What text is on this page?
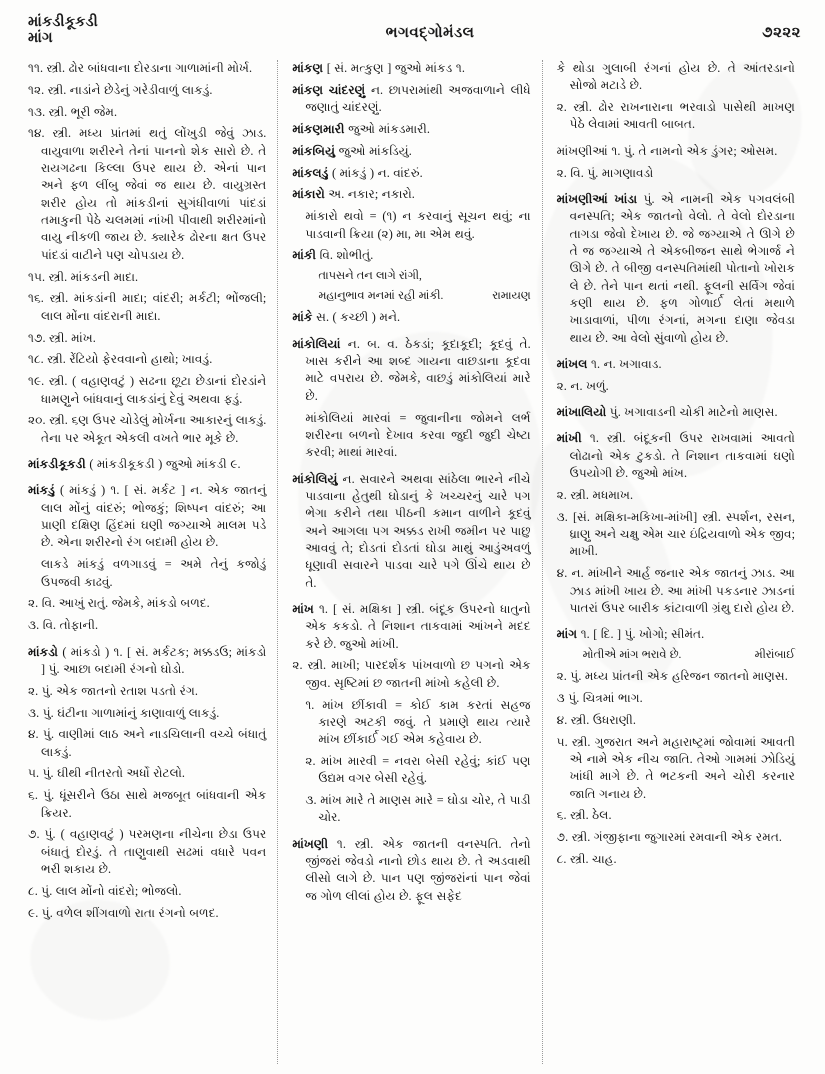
માંકડીકૂકડી
માંગ	ભગવદ્ગોમંડલ	૭૨૨૨

૧૧. સ્ત્રી. ઢોર બાંધવાના દોરડાના ગાળામાંની મોર્ખ.

૧૨. સ્ત્રી. નાડાંને છેડેનું ગરેડીવાળું લાકડું.

૧૩. સ્ત્રી. ભૂરી જેમ.

૧૪. સ્ત્રી. મધ્ય પ્રાંતમાં થતું લોંખુડી જેવું ઝાડ. વાયુવાળા શરીરને તેનાં પાનનો શેક સારો છે. તે રાયગઢના કિલ્લા ઉપર થાય છે. એનાં પાન અને ફળ લીંબુ જેવાં જ થાય છે. વાયુગ્રસ્ત શરીર હોય તો માંકડીનાં સુગંધીવાળાં પાંદડાં તમાકુની પેઠે ચલમમાં નાંખી પીવાથી શરીરમાંનો વાયુ નીકળી જાય છે. ક્યારેક ઢોરના ક્ષત ઉપર પાંદડાં વાટીને પણ ચોપડાય છે.

૧૫. સ્ત્રી. માંકડની માદા.

૧૬. સ્ત્રી. માંકડાંની માદા; વાંદરી; મર્કટી; ભોંજલી; લાલ મોંના વાંદરાની માદા.

૧૭. સ્ત્રી. માંખ.

૧૮. સ્ત્રી. રેંટિયો ફેરવવાનો હાથો; ખાવડું.

૧૯. સ્ત્રી. ( વહાણવટું ) સઢના છૂટા છેડાનાં દોરડાંને ધામણુને બાંધવાનું લાકડાંનું દેવું અથવા ફડું.

૨૦. સ્ત્રી. ૬ણ ઉપર ચોડેલું મોર્ખના આકારનું લાકડું. તેના પર એકૂત એકલી વખતે ભાર મૂકે છે.

માંકડીકૂકડી ( માંકડીકૂકડી ) જુઓ માંકડી ૯.

માંકડું ( માંકડું ) ૧. [ સં. મર્કટ ] ન. એક જાતનું લાલ મોંનું વાંદરું; ભોજકું; શિષ્પન વાંદરું; આ પ્રાણી દક્ષિણ હિંદમાં ઘણી જગ્યાએ માલમ પડે છે. એના શરીરનો રંગ બદામી હોય છે.

લાકડે માંકડું વળગાડવું = અમે તેનું કજોડું ઉપજવી કાઢવું.

૨. વિ. આખું રાતું. જેમકે, માંકડો બળદ.

૩. વિ. તોફાની.

માંકડો ( માંકડો ) ૧. [ સં. મર્કટક; મક્કડઉ; માંકડો ] પું. આછા બદામી રંગનો ઘોડો.

૨. પું. એક જાતનો રતાશ પડતો રંગ.

૩. પું. ઘંટીના ગાળામાંનું કાણાવાળું લાકડું.

૪. પું. વાણીમાં લાઠ અને નાડચિલાની વચ્ચે બંધાતું લાકડું.

૫. પું. ઘીથી નીતરતો અર્ધો રોટલો.

૬. પું. ધૂંસરીને ઉઠા સાથે મજબૂત બાંધવાની એક ક્રિયર.

૭. પું. ( વહાણવટું ) પરમણના નીચેના છેડા ઉપર બંધાતું દોરડું. તે તાણુવાથી સઢમાં વધારે પવન ભરી શકાય છે.

૮. પું. લાલ મોંનો વાંદરો; ભોજલો.

૯. પું. વળેલ શીંગવાળો રાતા રંગનો બળદ.

માંકણ [ સં. મત્કુણ ] જુઓ માંકડ ૧.

માંકણ ચાંદરણું ન. છાપરામાંથી અજવાળાને લીધે જણાતું ચાંદરણું.

માંકણમારી જુઓ માંકડમારી.

માંકબિયું જુઓ માંકડિયું.

માંકલડું ( માંકડું ) ન. વાંદરું.

માંકારો અ. નકાર; નકારો.

માંકારો થવો = (૧) ન કરવાનું સૂચન થવું; ના પાડવાની ક્રિયા (૨) મા, મા એમ થવું.

માંકી વિ. શોભીતું.

તાપસને તન લાગે રાંગી,

રામાયણ
મહાનુભાવ મનમાં રહી માંકી.

માંકે સ. ( કચ્છી ) મને.

માંકોલિયાં ન. બ. વ. ઠેકડાં; કૂદાકૂદી; કૂદવું તે. ખાસ કરીને આ શબ્દ ગાયના વાછડાના કૂદવા માટે વપરાય છે. જેમકે, વાછડું માંકોલિયાં મારે છે.

માંકોલિયાં મારવાં = જુવાનીના જોમને લર્ભ શરીરના બળનો દેખાવ કરવા જુદી જુદી ચેષ્ટા કરવી; માથાં મારવાં.

માંકોલિયું ન. સવારને અથવા સાંઠેલા ભારને નીચે પાડવાના હેતુથી ઘોડાનું કે ખચ્ચરનું ચારે પગ ભેગા કરીને તથા પીઠની કમાન વાળીને કૂદવું અને આગલા પગ અક્કડ રાખી જમીન પર પાછુ આવવું તે; દોડતાં દોડતાં ઘોડા માથું આડુંઅવળું ધૂણાવી સવારને પાડવા ચારે પગે ઊંચે થાય છે તે.

માંખ ૧. [ સં. મક્ષિકા ] સ્ત્રી. બંદૂક ઉપરનો ધાતુનો એક કકડો. તે નિશાન તાકવામાં આંખને મદદ કરે છે. જુઓ માંખી.

૨. સ્ત્રી. માખી; પારદર્શક પાંખવાળો છ પગનો એક જીવ. સૃષ્ટિમાં છ જાતની માંખો કહેલી છે.

૧. માંખ છીંકાવી = કોઈ કામ કરતાં સહજ કારણે અટકી જવું. તે પ્રમાણે થાય ત્યારે માંખ છીંકાર્ઈ ગઈ એમ કહેવાય છે.

૨. માંખ મારવી = નવરા બેસી રહેવું; કાંઈ પણ ઉદ્યમ વગર બેસી રહેવું.

૩. માંખ મારે તે માણસ મારે = ઘોડા ચોર, તે પાડી ચોર.

માંખણી ૧. સ્ત્રી. એક જાતની વનસ્પતિ. તેનો જીંજરાં જેવડો નાનો છોડ થાય છે. તે અડવાથી લીસો લાગે છે. પાન પણ જીંજરાંનાં પાન જેવાં જ ગોળ લીલાં હોય છે. ફૂલ સફેદ

કે થોડા ગુલાબી રંગનાં હોય છે. તે આંતરડાનો સોજો મટાડે છે.

૨. સ્ત્રી. ઢોર રાખનારાના ભરવાડો પાસેથી માખણ પેઠે લેવામાં આવતી બાબત.

માંખણીઆં ૧. પું. તે નામનો એક ડુંગર; ઓસમ.

૨. વિ. પું. માગણાવડો

માંખણીઆં ખાંડા પું. એ નામની એક પગવલંબી વનસ્પતિ; એક જાતનો વેલો. તે વેલો દોરડાના તાગડા જેવો દેખાય છે. જે જગ્યાએ તે ઊગે છે તે જ જગ્યાએ તે એકબીજન સાથે ભેગાર્જ ને ઊગે છે. તે બીજી વનસ્પતિમાંથી પોતાનો ખોરાક લે છે. તેને પાન થતાં નથી. ફૂલની સર્વિગ જેવાં કણી થાય છે. ફળ ગોળાર્ઈ લેતાં મથાળે ખાડાવાળાં, પીળા રંગનાં, મગના દાણા જેવડા થાય છે. આ વેલો સુંવાળો હોય છે.

માંખલ ૧. ન. ખગાવાડ.

૨. ન. ખળું.

માંખાલિયો પું. ખગાવાડની ચોકી માટેનો માણસ.

માંખી ૧. સ્ત્રી. બંદૂકની ઉપર રાખવામાં આવતો લોઢાનો એક ટુકડો. તે નિશાન તાકવામાં ઘણો ઉપયોગી છે. જુઓ માંખ.

૨. સ્ત્રી. મધમાખ.

૩. [સં. મક્ષિકા-મકિખા-માંખી] સ્ત્રી. સ્પર્શન, રસન, ધ્રાણુ અને ચક્ષુ એમ ચાર ઇંદ્રિયવાળો એક જીવ; માખી.

૪. ન. માંખીને આર્હ જનાર એક જાતનું ઝાડ. આ ઝાડ માંખી ખાય છે. આ માંખી પકડનાર ઝાડનાં પાતરાં ઉપર બારીક કાંટાવાળી ગ્રંથુ દારો હોય છે.

માંગ ૧. [ દિ. ] પું. ખોગો; સીમંત.

મીરાંબાઈ
મોતીએ માંગ ભરાવે છે.

૨. પું. મધ્ય પ્રાંતની એક હરિજન જાતનો માણસ.

૩ પું. ચિત્રમાં ભાગ.

૪. સ્ત્રી. ઉધરાણી.

૫. સ્ત્રી. ગુજરાત અને મહારાષ્ટ્રમાં જોવામાં આવતી એ નામે એક નીચ જાતિ. તેઓ ગામમાં ઝોડિયું ખાંધી માગે છે. તે ભટકની અને ચોરી કરનાર જાતિ ગનાય છે.

૬. સ્ત્રી. ઠેલ.

૭. સ્ત્રી. ગંજીફાના જુગારમાં રમવાની એક રમત.

૮. સ્ત્રી. ચાહ.
